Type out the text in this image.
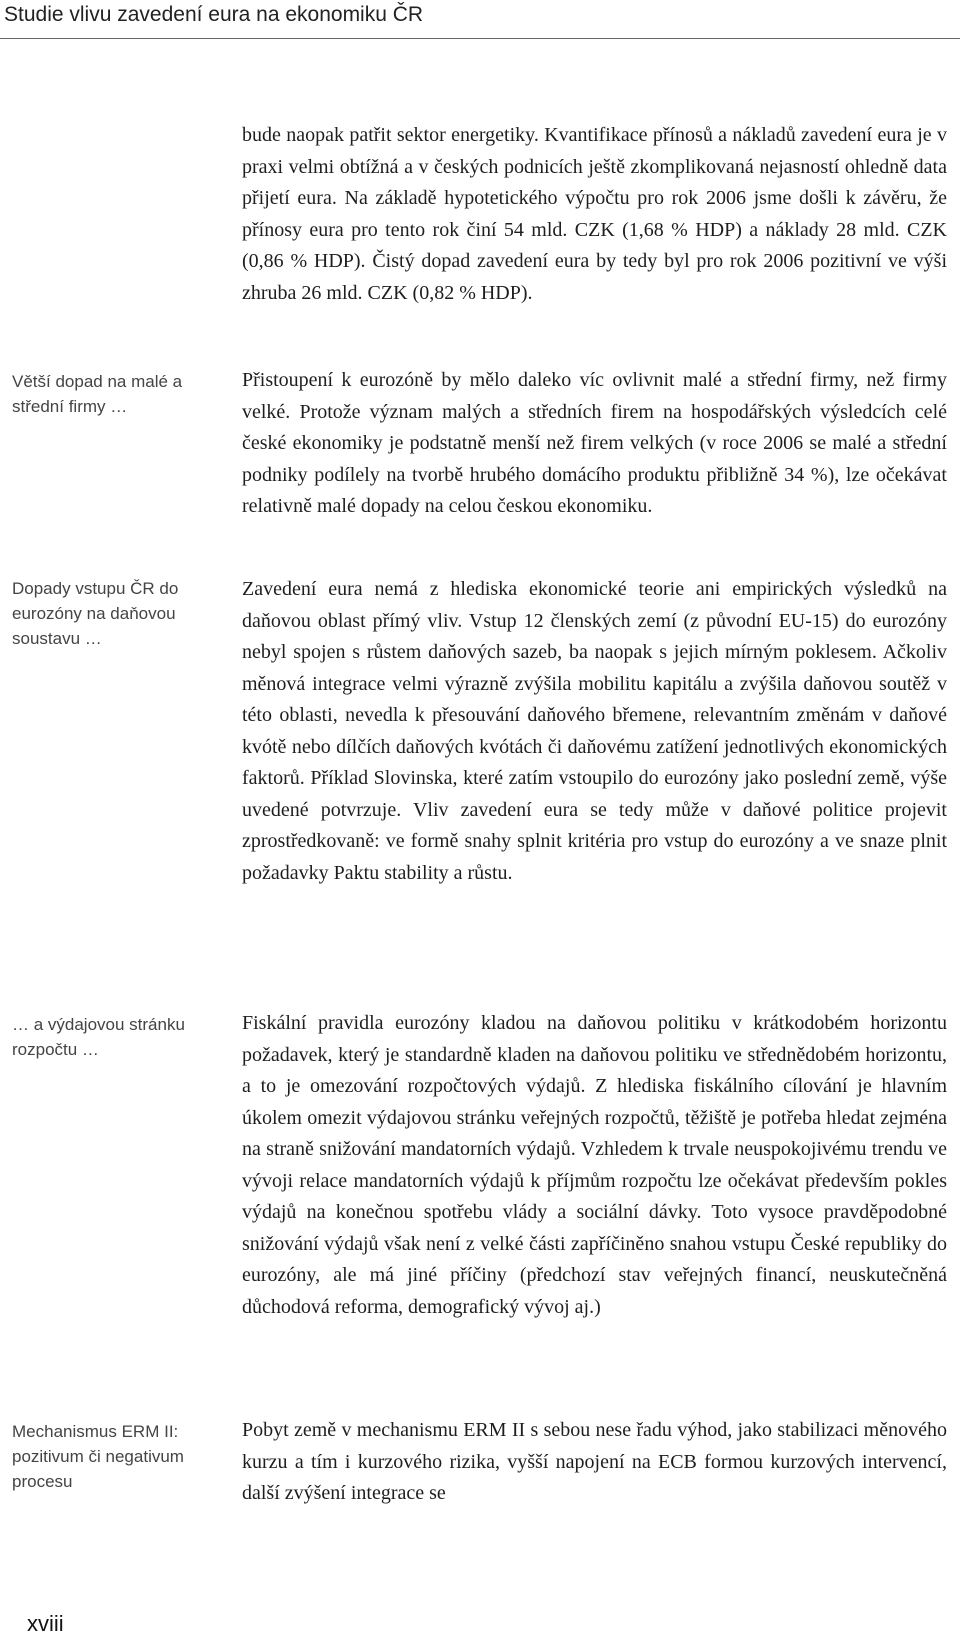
Studie vlivu zavedení eura na ekonomiku ČR
Větší dopad na malé a střední firmy …
Dopady vstupu ČR do eurozóny na daňovou soustavu …
… a výdajovou stránku rozpočtu …
Mechanismus ERM II: pozitivum či negativum procesu

bude naopak patřit sektor energetiky. Kvantifikace přínosů a nákladů zavedení eura je v praxi velmi obtížná a v českých podnicích ještě zkomplikovaná nejasností ohledně data přijetí eura. Na základě hypotetického výpočtu pro rok 2006 jsme došli k závěru, že přínosy eura pro tento rok činí 54 mld. CZK (1,68 % HDP) a náklady 28 mld. CZK (0,86 % HDP). Čistý dopad zavedení eura by tedy byl pro rok 2006 pozitivní ve výši zhruba 26 mld. CZK (0,82 % HDP).

Přistoupení k eurozóně by mělo daleko víc ovlivnit malé a střední firmy, než firmy velké. Protože význam malých a středních firem na hospodářských výsledcích celé české ekonomiky je podstatně menší než firem velkých (v roce 2006 se malé a střední podniky podílely na tvorbě hrubého domácího produktu přibližně 34 %), lze očekávat relativně malé dopady na celou českou ekonomiku.

Zavedení eura nemá z hlediska ekonomické teorie ani empirických výsledků na daňovou oblast přímý vliv. Vstup 12 členských zemí (z původní EU-15) do eurozóny nebyl spojen s růstem daňových sazeb, ba naopak s jejich mírným poklesem. Ačkoliv měnová integrace velmi výrazně zvýšila mobilitu kapitálu a zvýšila daňovou soutěž v této oblasti, nevedla k přesouvání daňového břemene, relevantním změnám v daňové kvótě nebo dílčích daňových kvótách či daňovému zatížení jednotlivých ekonomických faktorů. Příklad Slovinska, které zatím vstoupilo do eurozóny jako poslední země, výše uvedené potvrzuje. Vliv zavedení eura se tedy může v daňové politice projevit zprostředkovaně: ve formě snahy splnit kritéria pro vstup do eurozóny a ve snaze plnit požadavky Paktu stability a růstu.

Fiskální pravidla eurozóny kladou na daňovou politiku v krátkodobém horizontu požadavek, který je standardně kladen na daňovou politiku ve střednědobém horizontu, a to je omezování rozpočtových výdajů. Z hlediska fiskálního cílování je hlavním úkolem omezit výdajovou stránku veřejných rozpočtů, těžiště je potřeba hledat zejména na straně snižování mandatorních výdajů. Vzhledem k trvale neuspokojivému trendu ve vývoji relace mandatorních výdajů k příjmům rozpočtu lze očekávat především pokles výdajů na konečnou spotřebu vlády a sociální dávky. Toto vysoce pravděpodobné snižování výdajů však není z velké části zapříčiněno snahou vstupu České republiky do eurozóny, ale má jiné příčiny (předchozí stav veřejných financí, neuskutečněná důchodová reforma, demografický vývoj aj.)

Pobyt země v mechanismu ERM II s sebou nese řadu výhod, jako stabilizaci měnového kurzu a tím i kurzového rizika, vyšší napojení na ECB formou kurzových intervencí, další zvýšení integrace se

xviii
